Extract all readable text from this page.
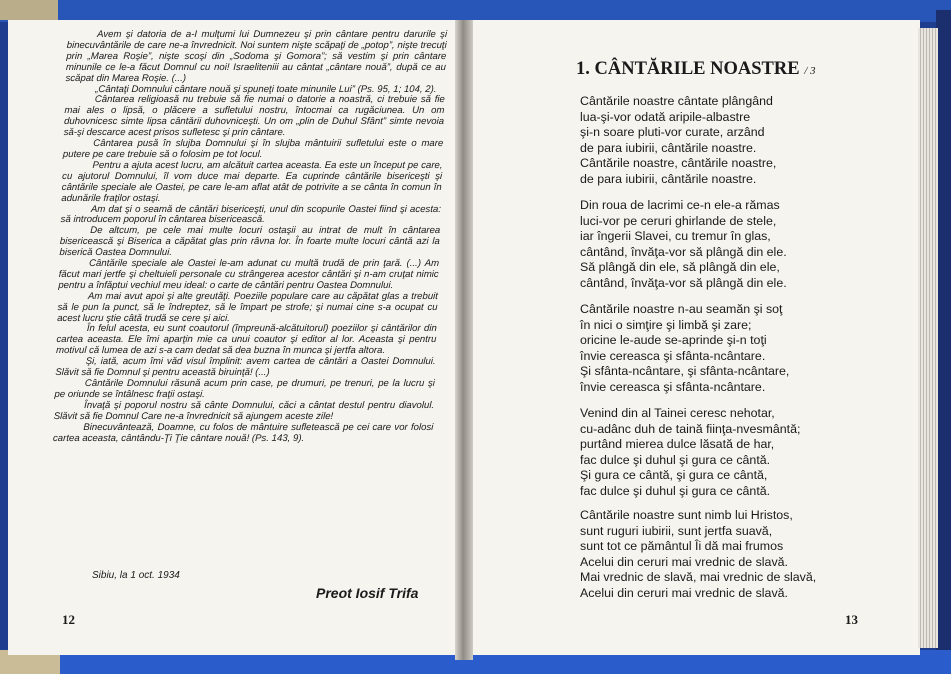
Avem şi datoria de a-I mulţumi lui Dumnezeu şi prin cântare pentru darurile şi binecuvântările de care ne-a învrednicit. Noi suntem nişte scăpaţi de „potop”, nişte trecuţi prin „Marea Roşie”, nişte scoşi din „Sodoma şi Gomora”; să vestim şi prin cântare minunile ce le-a făcut Domnul cu noi! Israeliteniii au cântat „cântare nouă”, după ce au scăpat din Marea Roşie. (...)

„Cântaţi Domnului cântare nouă şi spuneţi toate minunile Lui” (Ps. 95, 1; 104, 2).

Cântarea religioasă nu trebuie să fie numai o datorie a noastră, ci trebuie să fie mai ales o lipsă, o plăcere a sufletului nostru, întocmai ca rugăciunea. Un om duhovnicesc simte lipsa cântării duhovniceşti. Un om „plin de Duhul Sfânt” simte nevoia să-şi descarce acest prisos sufletesc şi prin cântare.

Cântarea pusă în slujba Domnului şi în slujba mântuirii sufletului este o mare putere pe care trebuie să o folosim pe tot locul.

Pentru a ajuta acest lucru, am alcătuit cartea aceasta. Ea este un început pe care, cu ajutorul Domnului, îl vom duce mai departe. Ea cuprinde cântările bisericeşti şi cântările speciale ale Oastei, pe care le-am aflat atât de potrivite a se cânta în comun în adunările fraţilor ostaşi.

Am dat şi o seamă de cântări bisericeşti, unul din scopurile Oastei fiind şi acesta: să introducem poporul în cântarea bisericească.

De altcum, pe cele mai multe locuri ostaşii au intrat de mult în cântarea bisericească şi Biserica a căpătat glas prin râvna lor. În foarte multe locuri cântă azi la biserică Oastea Domnului.

Cântările speciale ale Oastei le-am adunat cu multă trudă de prin ţară. (...) Am făcut mari jertfe şi cheltuieli personale cu strângerea acestor cântări şi n-am cruţat nimic pentru a înfăptui vechiul meu ideal: o carte de cântări pentru Oastea Domnului.

Am mai avut apoi şi alte greutăţi. Poeziile populare care au căpătat glas a trebuit să le pun la punct, să le îndreptez, să le împart pe strofe; şi numai cine s-a ocupat cu acest lucru ştie câtă trudă se cere şi aici.

În felul acesta, eu sunt coautorul (împreună-alcătuitorul) poeziilor şi cântărilor din cartea aceasta. Ele îmi aparţin mie ca unui coautor şi editor al lor. Aceasta şi pentru motivul că lumea de azi s-a cam dedat să dea buzna în munca şi jertfa altora.

Şi, iată, acum îmi văd visul împlinit: avem cartea de cântări a Oastei Domnului. Slăvit să fie Domnul şi pentru această biruinţă! (...)

Cântările Domnului răsună acum prin case, pe drumuri, pe trenuri, pe la lucru şi pe oriunde se întâlnesc fraţii ostaşi.

Învaţă şi poporul nostru să cânte Domnului, căci a cântat destul pentru diavolul. Slăvit să fie Domnul Care ne-a învrednicit să ajungem aceste zile!

Binecuvântează, Doamne, cu folos de mântuire sufletească pe cei care vor folosi cartea aceasta, cântându-Ţi Ţie cântare nouă! (Ps. 143, 9).

Sibiu, la 1 oct. 1934
Preot Iosif Trifa
12
1. CÂNTĂRILE NOASTRE / 3
Cântările noastre cântate plângând
lua-şi-vor odată aripile-albastre
şi-n soare pluti-vor curate, arzând
de para iubirii, cântările noastre.
Cântările noastre, cântările noastre,
de para iubirii, cântările noastre.
Din roua de lacrimi ce-n ele-a rămas
luci-vor pe ceruri ghirlande de stele,
iar îngerii Slavei, cu tremur în glas,
cântând, învăţa-vor să plângă din ele.
Să plângă din ele, să plângă din ele,
cântând, învăţa-vor să plângă din ele.
Cântările noastre n-au seamăn şi soţ
în nici o simţire şi limbă şi zare;
oricine le-aude se-aprinde şi-n toţi
învie cereasca şi sfânta-ncântare.
Şi sfânta-ncântare, şi sfânta-ncântare,
învie cereasca şi sfânta-ncântare.
Venind din al Tainei ceresc nehotar,
cu-adânc duh de taină fiinţa-nvesmântă;
purtând mierea dulce lăsată de har,
fac dulce şi duhul şi gura ce cântă.
Şi gura ce cântă, şi gura ce cântă,
fac dulce şi duhul şi gura ce cântă.
Cântările noastre sunt nimb lui Hristos,
sunt ruguri iubirii, sunt jertfa suavă,
sunt tot ce pământul Îi dă mai frumos
Acelui din ceruri mai vrednic de slavă.
Mai vrednic de slavă, mai vrednic de slavă,
Acelui din ceruri mai vrednic de slavă.
13
